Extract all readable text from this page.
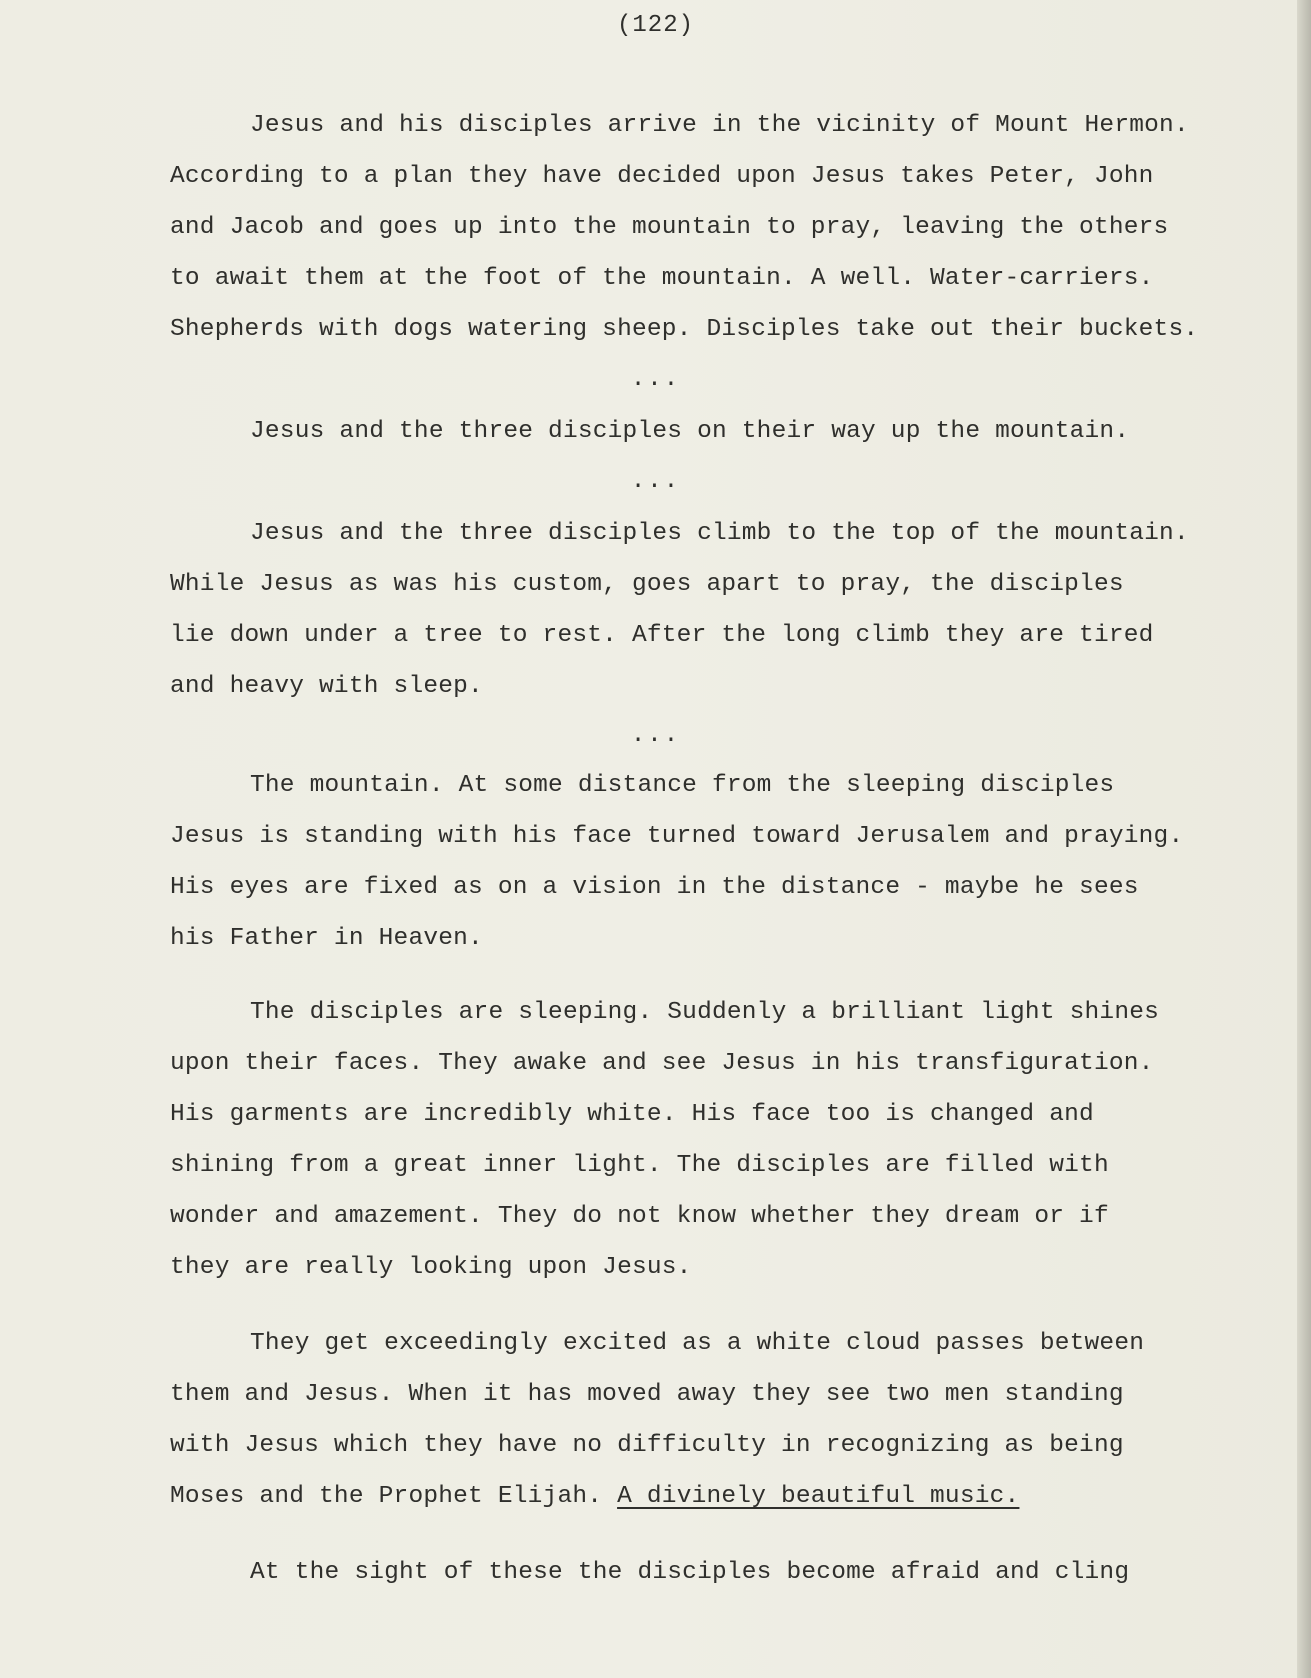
(122)
Jesus and his disciples arrive in the vicinity of Mount Hermon.
According to a plan they have decided upon Jesus takes Peter, John
and Jacob and goes up into the mountain to pray, leaving the others
to await them at the foot of the mountain. A well. Water-carriers.
Shepherds with dogs watering sheep. Disciples take out their buckets.
...
Jesus and the three disciples on their way up the mountain.
...
Jesus and the three disciples climb to the top of the mountain.
While Jesus as was his custom, goes apart to pray, the disciples
lie down under a tree to rest. After the long climb they are tired
and heavy with sleep.
...
The mountain. At some distance from the sleeping disciples
Jesus is standing with his face turned toward Jerusalem and praying.
His eyes are fixed as on a vision in the distance - maybe he sees
his Father in Heaven.
The disciples are sleeping. Suddenly a brilliant light shines
upon their faces. They awake and see Jesus in his transfiguration.
His garments are incredibly white. His face too is changed and
shining from a great inner light. The disciples are filled with
wonder and amazement. They do not know whether they dream or if
they are really looking upon Jesus.
They get exceedingly excited as a white cloud passes between
them and Jesus. When it has moved away they see two men standing
with Jesus which they have no difficulty in recognizing as being
Moses and the Prophet Elijah. A divinely beautiful music.
At the sight of these the disciples become afraid and cling
